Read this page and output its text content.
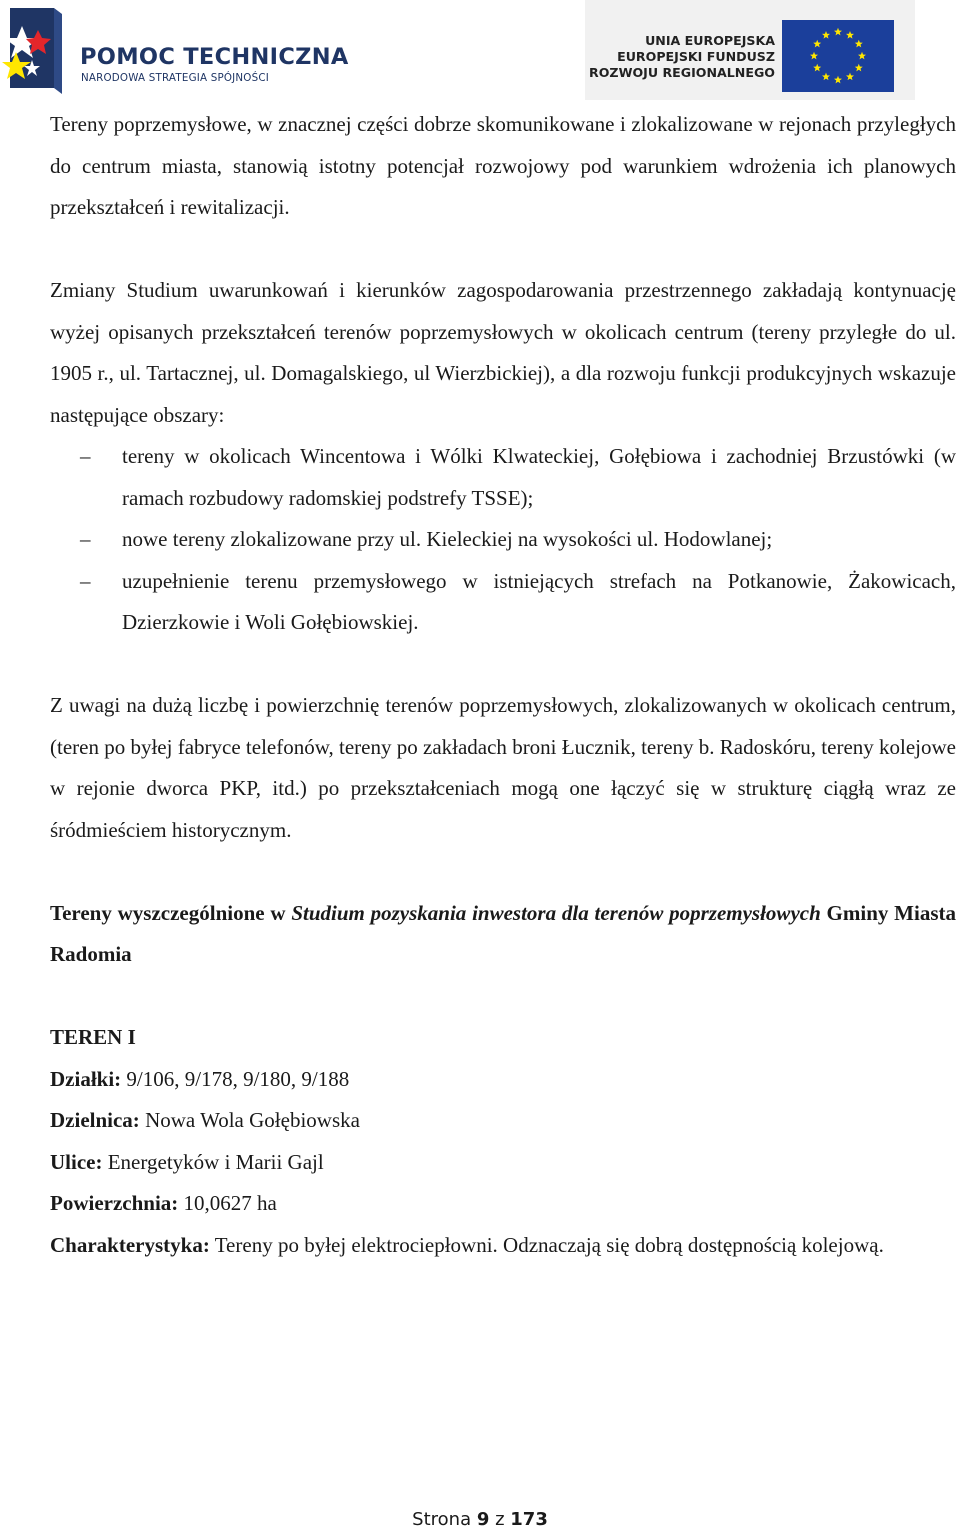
POMOC TECHNICZNA
NARODOWA STRATEGIA SPÓJNOŚCI
UNIA EUROPEJSKA
EUROPEJSKI FUNDUSZ
ROZWOJU REGIONALNEGO

Tereny poprzemysłowe, w znacznej części dobrze skomunikowane i zlokalizowane w rejonach przyległych do centrum miasta, stanowią istotny potencjał rozwojowy pod warunkiem wdrożenia ich planowych przekształceń i rewitalizacji.

Zmiany Studium uwarunkowań i kierunków zagospodarowania przestrzennego zakładają kontynuację wyżej opisanych przekształceń terenów poprzemysłowych w okolicach centrum (tereny przyległe do ul. 1905 r., ul. Tartacznej, ul. Domagalskiego, ul Wierzbickiej), a dla rozwoju funkcji produkcyjnych wskazuje następujące obszary:

– tereny w okolicach Wincentowa i Wólki Klwateckiej, Gołębiowa i zachodniej Brzustówki (w ramach rozbudowy radomskiej podstrefy TSSE);
– nowe tereny zlokalizowane przy ul. Kieleckiej na wysokości ul. Hodowlanej;
– uzupełnienie terenu przemysłowego w istniejących strefach na Potkanowie, Żakowicach, Dzierzkowie i Woli Gołębiowskiej.

Z uwagi na dużą liczbę i powierzchnię terenów poprzemysłowych, zlokalizowanych w okolicach centrum, (teren po byłej fabryce telefonów, tereny po zakładach broni Łucznik, tereny b. Radoskóru, tereny kolejowe w rejonie dworca PKP, itd.) po przekształceniach mogą one łączyć się w strukturę ciągłą wraz ze śródmieściem historycznym.

Tereny wyszczególnione w Studium pozyskania inwestora dla terenów poprzemysłowych Gminy Miasta Radomia

TEREN I

Działki: 9/106, 9/178, 9/180, 9/188

Dzielnica: Nowa Wola Gołębiowska

Ulice: Energetyków i Marii Gajl

Powierzchnia: 10,0627 ha

Charakterystyka: Tereny po byłej elektrociepłowni. Odznaczają się dobrą dostępnością kolejową.

Strona 9 z 173
